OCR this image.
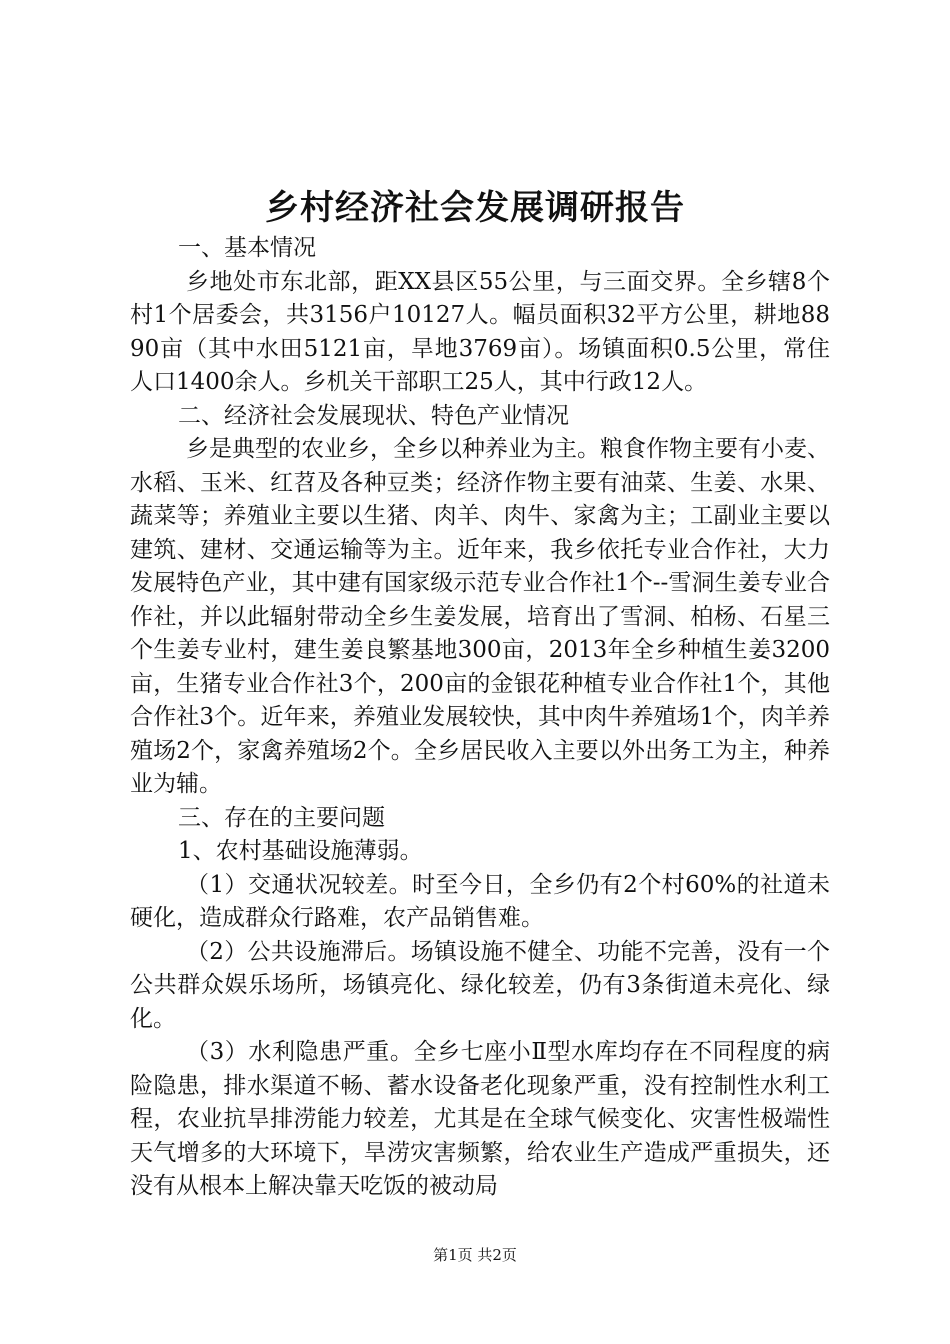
乡村经济社会发展调研报告

一、基本情况

乡地处市东北部，距XX县区55公里，与三面交界。全乡辖8个村1个居委会，共3156户10127人。幅员面积32平方公里，耕地8890亩（其中水田5121亩，旱地3769亩）。场镇面积0.5公里，常住人口1400余人。乡机关干部职工25人，其中行政12人。

二、经济社会发展现状、特色产业情况

乡是典型的农业乡，全乡以种养业为主。粮食作物主要有小麦、水稻、玉米、红苕及各种豆类；经济作物主要有油菜、生姜、水果、蔬菜等；养殖业主要以生猪、肉羊、肉牛、家禽为主；工副业主要以建筑、建材、交通运输等为主。近年来，我乡依托专业合作社，大力发展特色产业，其中建有国家级示范专业合作社1个--雪洞生姜专业合作社，并以此辐射带动全乡生姜发展，培育出了雪洞、柏杨、石星三个生姜专业村，建生姜良繁基地300亩，2013年全乡种植生姜3200亩，生猪专业合作社3个，200亩的金银花种植专业合作社1个，其他合作社3个。近年来，养殖业发展较快，其中肉牛养殖场1个，肉羊养殖场2个，家禽养殖场2个。全乡居民收入主要以外出务工为主，种养业为辅。

三、存在的主要问题

1、农村基础设施薄弱。

（1）交通状况较差。时至今日，全乡仍有2个村60%的社道未硬化，造成群众行路难，农产品销售难。

（2）公共设施滞后。场镇设施不健全、功能不完善，没有一个公共群众娱乐场所，场镇亮化、绿化较差，仍有3条街道未亮化、绿化。

（3）水利隐患严重。全乡七座小Ⅱ型水库均存在不同程度的病险隐患，排水渠道不畅、蓄水设备老化现象严重，没有控制性水利工程，农业抗旱排涝能力较差，尤其是在全球气候变化、灾害性极端性天气增多的大环境下，旱涝灾害频繁，给农业生产造成严重损失，还没有从根本上解决靠天吃饭的被动局

第1页 共2页
